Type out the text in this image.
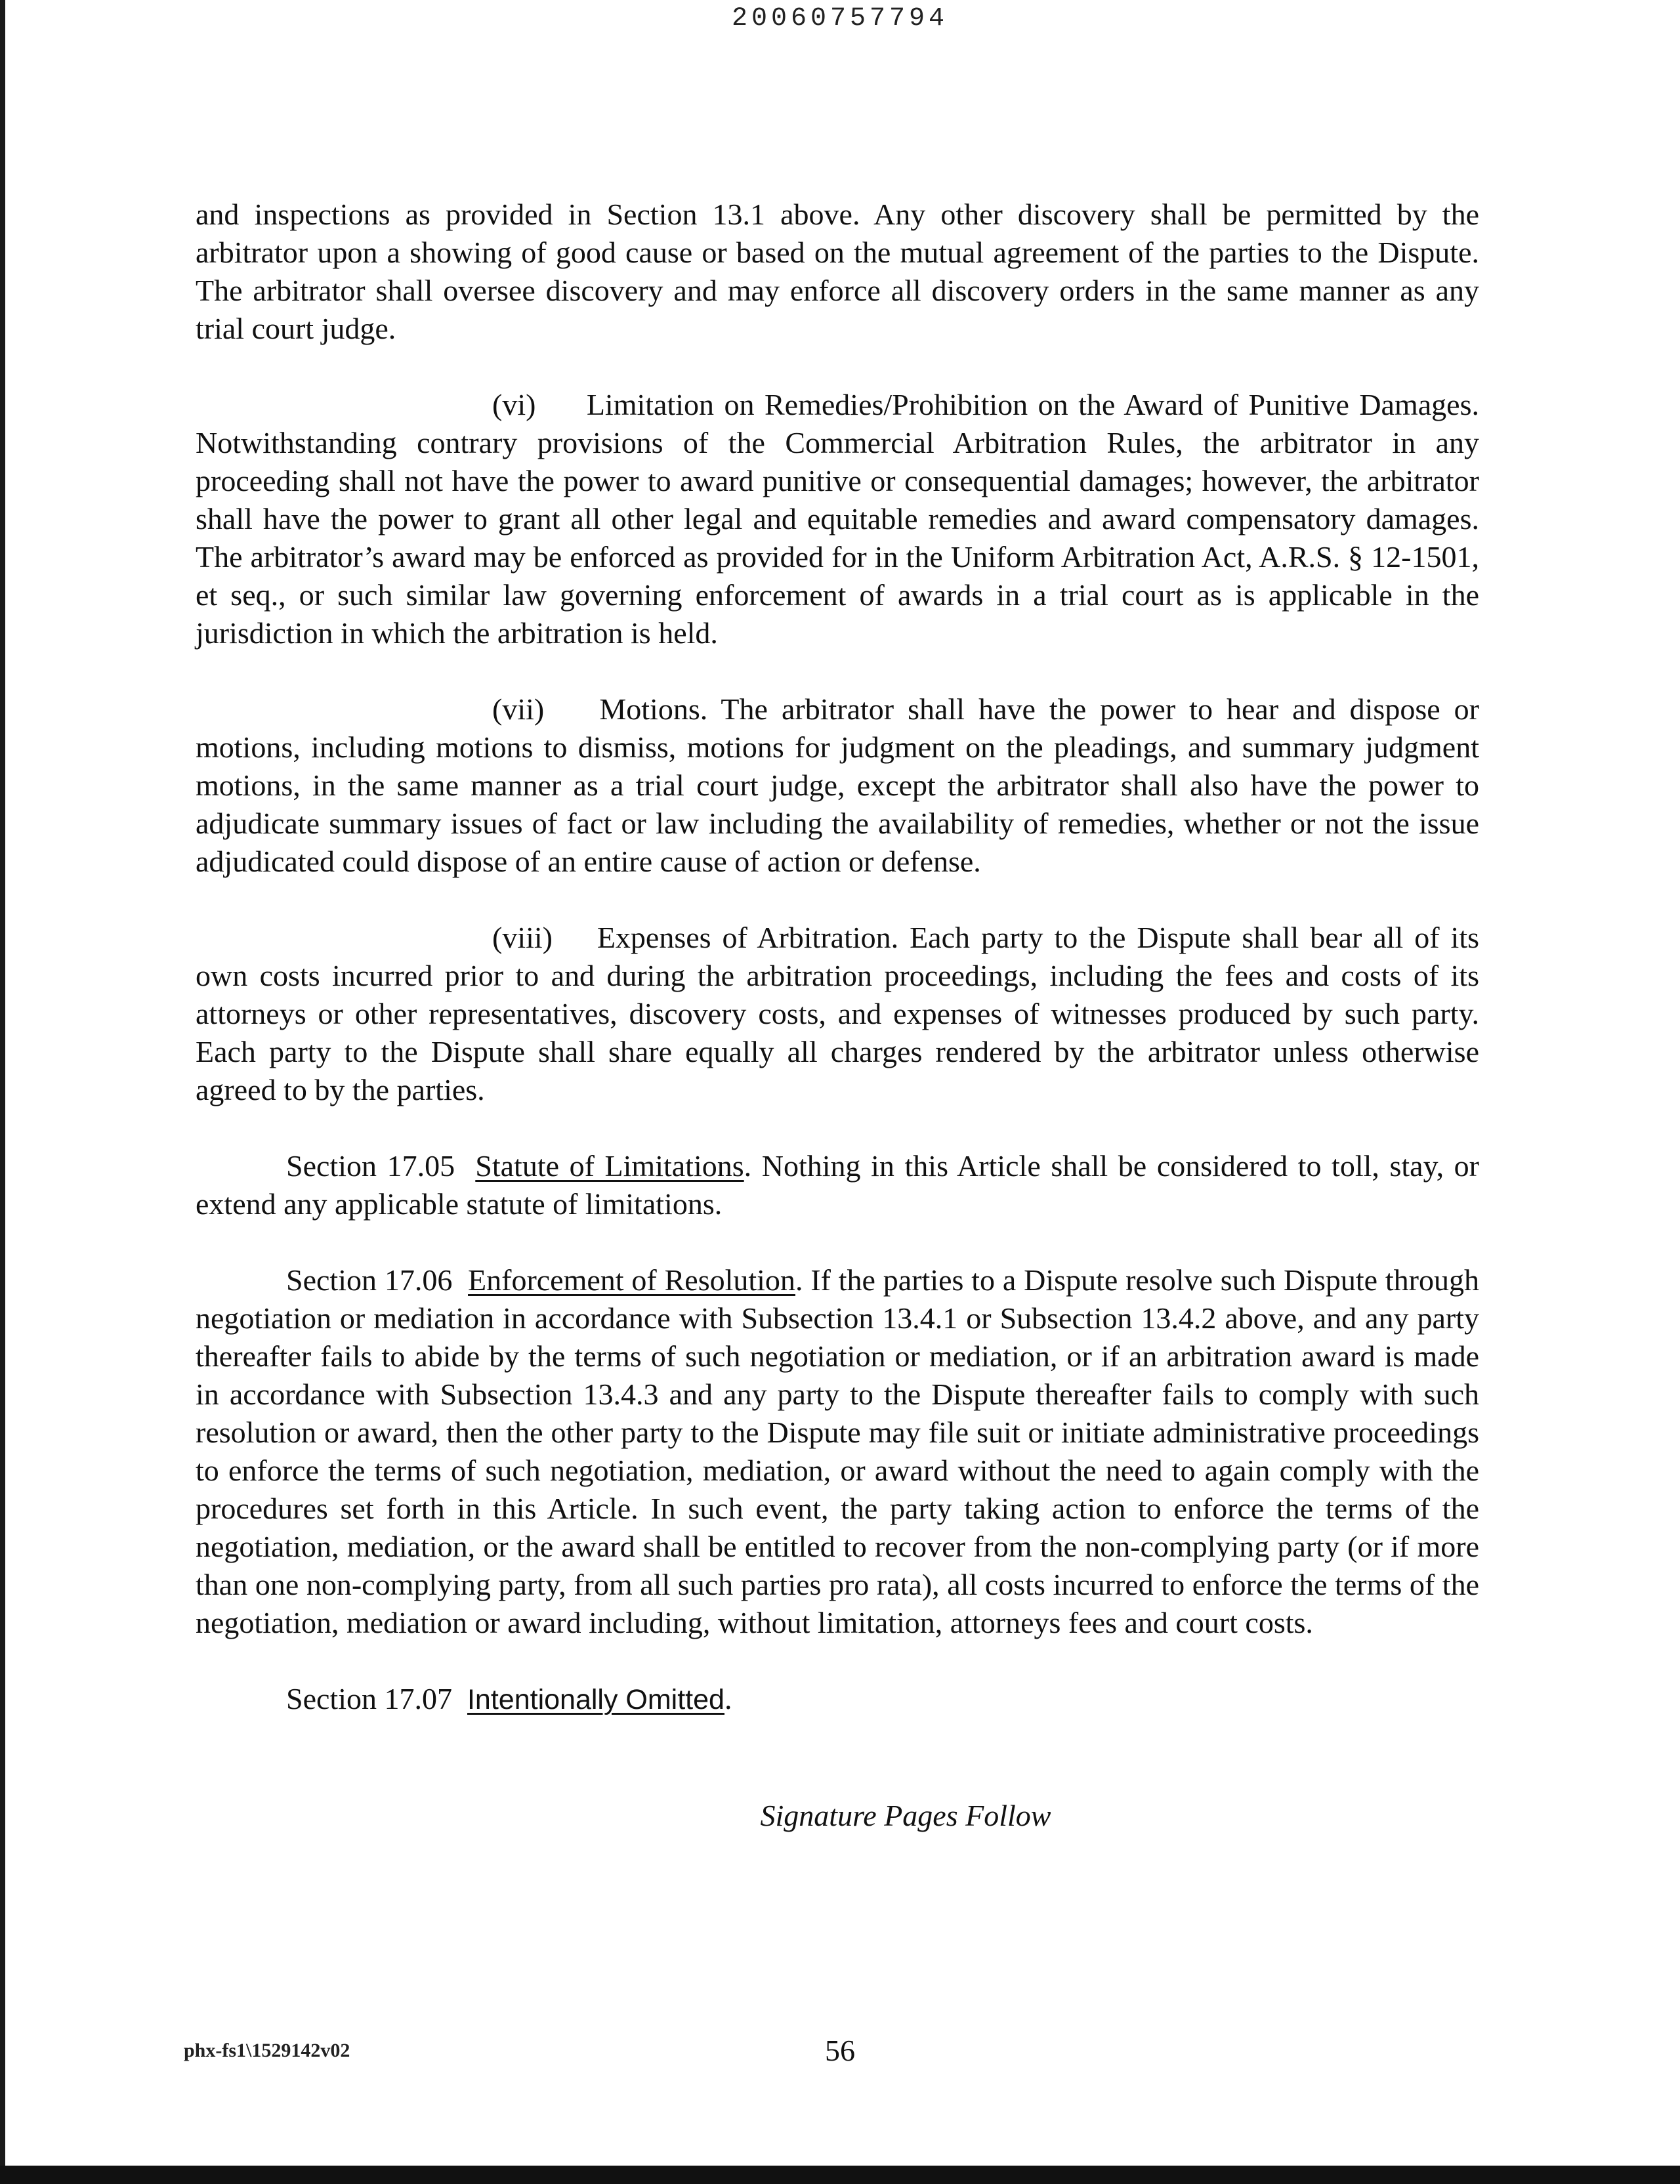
20060757794

and inspections as provided in Section 13.1 above. Any other discovery shall be permitted by the arbitrator upon a showing of good cause or based on the mutual agreement of the parties to the Dispute. The arbitrator shall oversee discovery and may enforce all discovery orders in the same manner as any trial court judge.

(vi) Limitation on Remedies/Prohibition on the Award of Punitive Damages. Notwithstanding contrary provisions of the Commercial Arbitration Rules, the arbitrator in any proceeding shall not have the power to award punitive or consequential damages; however, the arbitrator shall have the power to grant all other legal and equitable remedies and award compensatory damages. The arbitrator’s award may be enforced as provided for in the Uniform Arbitration Act, A.R.S. § 12-1501, et seq., or such similar law governing enforcement of awards in a trial court as is applicable in the jurisdiction in which the arbitration is held.

(vii) Motions. The arbitrator shall have the power to hear and dispose or motions, including motions to dismiss, motions for judgment on the pleadings, and summary judgment motions, in the same manner as a trial court judge, except the arbitrator shall also have the power to adjudicate summary issues of fact or law including the availability of remedies, whether or not the issue adjudicated could dispose of an entire cause of action or defense.

(viii) Expenses of Arbitration. Each party to the Dispute shall bear all of its own costs incurred prior to and during the arbitration proceedings, including the fees and costs of its attorneys or other representatives, discovery costs, and expenses of witnesses produced by such party. Each party to the Dispute shall share equally all charges rendered by the arbitrator unless otherwise agreed to by the parties.

Section 17.05 Statute of Limitations. Nothing in this Article shall be considered to toll, stay, or extend any applicable statute of limitations.

Section 17.06 Enforcement of Resolution. If the parties to a Dispute resolve such Dispute through negotiation or mediation in accordance with Subsection 13.4.1 or Subsection 13.4.2 above, and any party thereafter fails to abide by the terms of such negotiation or mediation, or if an arbitration award is made in accordance with Subsection 13.4.3 and any party to the Dispute thereafter fails to comply with such resolution or award, then the other party to the Dispute may file suit or initiate administrative proceedings to enforce the terms of such negotiation, mediation, or award without the need to again comply with the procedures set forth in this Article. In such event, the party taking action to enforce the terms of the negotiation, mediation, or the award shall be entitled to recover from the non-complying party (or if more than one non-complying party, from all such parties pro rata), all costs incurred to enforce the terms of the negotiation, mediation or award including, without limitation, attorneys fees and court costs.

Section 17.07 Intentionally Omitted.

Signature Pages Follow
phx-fs1\1529142v02	56
